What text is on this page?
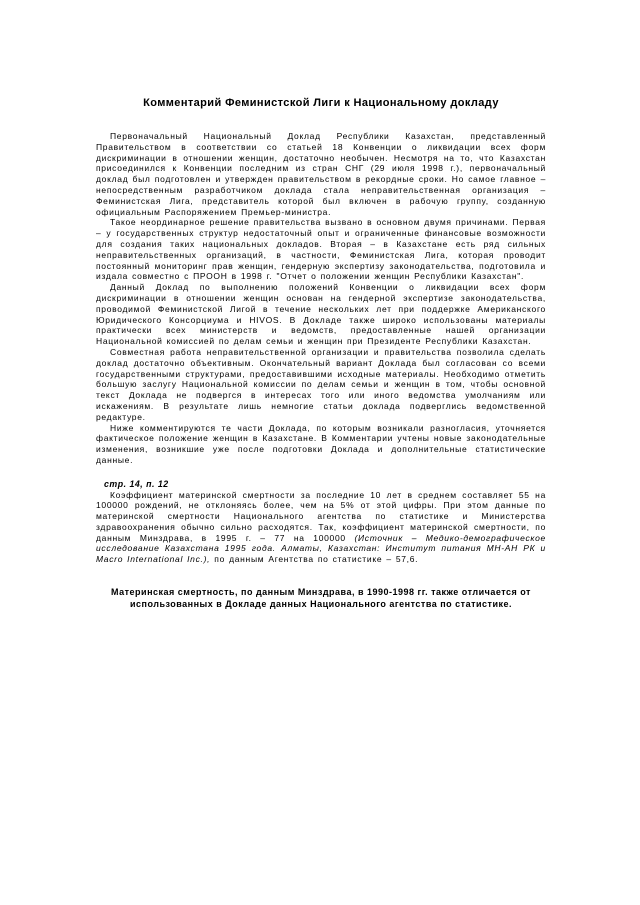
Комментарий Феминистской Лиги к Национальному докладу

Первоначальный Национальный Доклад Республики Казахстан, представленный Правительством в соответствии со статьей 18 Конвенции о ликвидации всех форм дискриминации в отношении женщин, достаточно необычен. Несмотря на то, что Казахстан присоединился к Конвенции последним из стран СНГ (29 июля 1998 г.), первоначальный доклад был подготовлен и утвержден правительством в рекордные сроки. Но самое главное – непосредственным разработчиком доклада стала неправительственная организация – Феминистская Лига, представитель которой был включен в рабочую группу, созданную официальным Распоряжением Премьер-министра.

Такое неординарное решение правительства вызвано в основном двумя причинами. Первая – у государственных структур недостаточный опыт и ограниченные финансовые возможности для создания таких национальных докладов. Вторая – в Казахстане есть ряд сильных неправительственных организаций, в частности, Феминистская Лига, которая проводит постоянный мониторинг прав женщин, гендерную экспертизу законодательства, подготовила и издала совместно с ПРООН в 1998 г. "Отчет о положении женщин Республики Казахстан".

Данный Доклад по выполнению положений Конвенции о ликвидации всех форм дискриминации в отношении женщин основан на гендерной экспертизе законодательства, проводимой Феминистской Лигой в течение нескольких лет при поддержке Американского Юридического Консорциума и HIVOS. В Докладе также широко использованы материалы практически всех министерств и ведомств, предоставленные нашей организации Национальной комиссией по делам семьи и женщин при Президенте Республики Казахстан.

Совместная работа неправительственной организации и правительства позволила сделать доклад достаточно объективным. Окончательный вариант Доклада был согласован со всеми государственными структурами, предоставившими исходные материалы. Необходимо отметить большую заслугу Национальной комиссии по делам семьи и женщин в том, чтобы основной текст Доклада не подвергся в интересах того или иного ведомства умолчаниям или искажениям. В результате лишь немногие статьи доклада подверглись ведомственной редактуре.

Ниже комментируются те части Доклада, по которым возникали разногласия, уточняется фактическое положение женщин в Казахстане. В Комментарии учтены новые законодательные изменения, возникшие уже после подготовки Доклада и дополнительные статистические данные.

стр. 14, п. 12

Коэффициент материнской смертности за последние 10 лет в среднем составляет 55 на 100000 рождений, не отклоняясь более, чем на 5% от этой цифры. При этом данные по материнской смертности Национального агентства по статистике и Министерства здравоохранения обычно сильно расходятся. Так, коэффициент материнской смертности, по данным Минздрава, в 1995 г. – 77 на 100000 (Источник – Медико-демографическое исследование Казахстана 1995 года. Алматы, Казахстан: Институт питания МН-АН РК и Macro International Inc.), по данным Агентства по статистике – 57,6.

Материнская смертность, по данным Минздрава, в 1990-1998 гг. также отличается от использованных в Докладе данных Национального агентства по статистике.
